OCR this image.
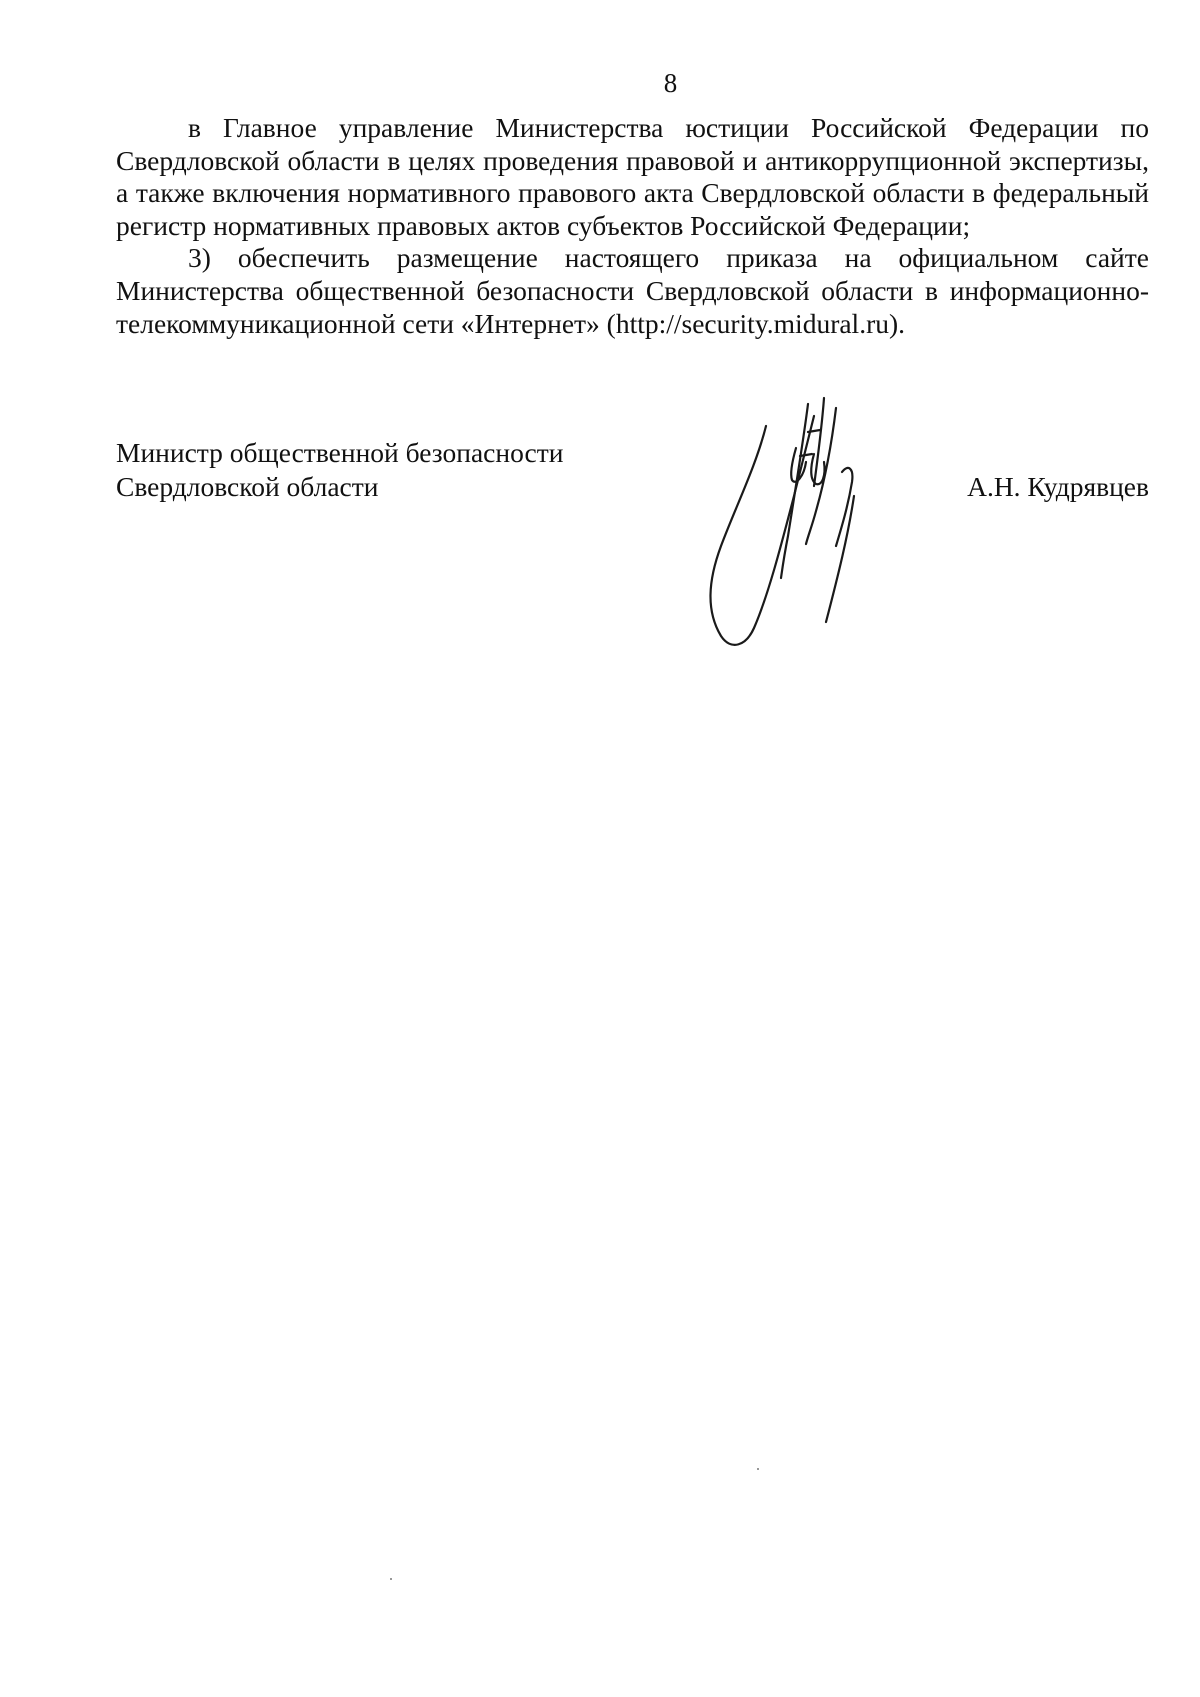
8

в Главное управление Министерства юстиции Российской Федерации по Свердловской области в целях проведения правовой и антикоррупционной экспертизы, а также включения нормативного правового акта Свердловской области в федеральный регистр нормативных правовых актов субъектов Российской Федерации;

3) обеспечить размещение настоящего приказа на официальном сайте Министерства общественной безопасности Свердловской области в информационно-телекоммуникационной сети «Интернет» (http://security.midural.ru).

Министр общественной безопасности
Свердловской области	А.Н. Кудрявцев
